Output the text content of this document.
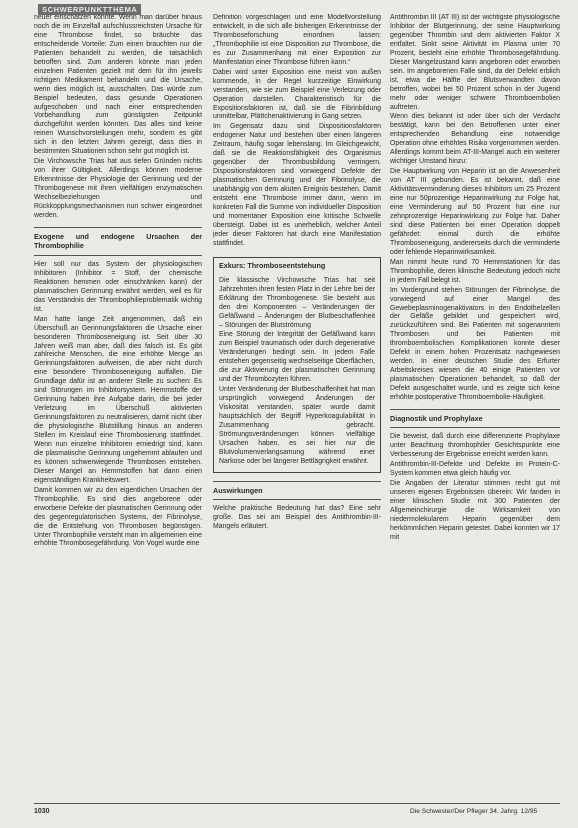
SCHWERPUNKTTHEMA

neuer einschätzen könnte. Wenn man darüber hinaus noch die im Einzelfall aufschlussreichsten Ursache für eine Thrombose findet, so bräuchte das entscheidende Vorteile: Zum einen brauchten nur die Patienten behandelt zu werden, die tatsächlich betroffen sind. Zum anderen könnte man jeden einzelnen Patienten gezielt mit dem für ihn jeweils richtigen Medikament behandeln und die Ursache, wenn dies möglich ist, ausschalten. Das würde zum Beispiel bedeuten, dass gesunde Operationen aufgeschoben und nach einer entsprechenden Vorbehandlung zum günstigsten Zeitpunkt durchgeführt werden könnten. Das alles sind keine reinen Wunschvorstellungen mehr, sondern es gibt sich in den letzten Jahren gezeigt, dass dies in bestimmten Situationen schon sehr gut möglich ist.

Die Virchowsche Trias hat aus tiefen Gründen nichts von ihrer Gültigkeit. Allerdings können moderne Erkenntnisse der Physiologie der Gerinnung und der Thrombogenese mit ihren vielfältigen enzymatischen Wechselbeziehungen und Rückkopplungsmechanismen nun schwer eingeordnet werden.

Exogene und endogene Ursachen der Thrombophilie

Hier soll nur das System der physiologischen Inhibitoren (Inhibitor = Stoff, der chemische Reaktionen hemmen oder einschränken kann) der plasmatischen Gerinnung erwähnt werden, weil es für das Verständnis der Thrombophilieproblematik wichtig ist.

Man hatte lange Zeit angenommen, daß ein Überschuß an Gerinnungsfaktoren die Ursache einer besonderen Thromboseneigung ist. Seit über 30 Jahren weiß man aber, daß dies falsch ist. Es gibt zahlreiche Menschen, die eine erhöhte Menge an Gerinnungsfaktoren aufweisen, die aber nicht durch eine besondere Thromboseneigung auffallen. Die Grundlage dafür ist an anderer Stelle zu suchen: Es sind Störungen im Inhibitorsystem. Hemmstoffe der Gerinnung haben ihre Aufgabe darin, die bei jeder Verletzung im Überschuß aktivierten Gerinnungsfaktoren zu neutralisieren, damit nicht über die physiologische Blutstillung hinaus an anderen Stellen im Kreislauf eine Thrombosierung stattfindet. Wenn nun einzelne Inhibitoren erniedrigt sind, kann die plasmatische Gerinnung ungehemmt ablaufen und es können schwerwiegende Thrombosen entstehen. Dieser Mangel an Hemmstoffen hat dann einen eigenständigen Krankheitswert.

Damit kommen wir zu den eigentlichen Ursachen der Thrombophilie. Es sind dies angeborene oder erworbene Defekte der plasmatischen Gerinnung oder des gegenregulatorischen Systems, der Fibrinolyse, die die Entstehung von Thrombosen begünstigen. Unter Thrombophilie versteht man im allgemeinen eine erhöhte Thrombosegefährdung. Von Vogel wurde eine

Definition vorgeschlagen und eine Modellvorstellung entwickelt, in die sich alle bisherigen Erkenntnisse der Thromboseforschung einordnen lassen: „Thrombophilie ist eine Disposition zur Thrombose, die es zur Zusammenhang mit einer Exposition zur Manifestation einer Thrombose führen kann.“

Dabei wird unter Exposition eine meist von außen kommende, in der Regel kurzzeitige Einwirkung verstanden, wie sie zum Beispiel eine Verletzung oder Operation darstellen. Charakteristisch für die Expositionsfaktoren ist, daß sie die Fibrinbildung unmittelbar, Plättchenaktivierung in Gang setzen.

Im Gegensatz dazu sind Dispositionsfaktoren endogener Natur und bestehen über einen längeren Zeitraum, häufig sogar lebenslang. Im Gleichgewicht, daß sie die Reaktionsfähigkeit des Organismus gegenüber der Thrombusbildung verringern. Dispositionsfaktoren sind vorwiegend Defekte der plasmatischen Gerinnung und der Fibrinolyse, die unabhängig von dem akuten Ereignis bestehen. Damit entsteht eine Thrombose immer dann, wenn im konkreten Fall die Summe von individueller Disposition und momentaner Exposition eine kritische Schwelle übersteigt. Dabei ist es unerheblich, welcher Anteil jeder dieser Faktoren hat durch eine Manifestation stattfindet.

Exkurs: Thromboseentstehung

Die klassische Virchowsche Trias hat seit Jahrzehnten ihren festen Platz in der Lehre bei der Erklärung der Thrombogenese. Sie besteht aus den drei Komponenten – Veränderungen der Gefäßwand – Änderungen der Blutbeschaffenheit – Störungen der Blutströmung

Eine Störung der Integrität der Gefäßwand kann zum Beispiel traumatisch oder durch degenerative Veränderungen bedingt sein. In jedem Falle entstehen gegenseitig wechselseitige Oberflächen, die zur Aktivierung der plasmatischen Gerinnung und der Thrombozyten führen.

Unter Veränderung der Blutbeschaffenheit hat man ursprünglich vorwiegend Änderungen der Viskosität verstanden, später wurde damit hauptsächlich der Begriff Hyperkoagulabilität in Zusammenhang gebracht. Strömungsveränderungen können vielfältige Ursachen haben, es sei hier nur die Blutvolumenverlangsamung während einer Narkose oder bei längerer Bettlägrigkeit erwähnt.

Auswirkungen

Welche praktische Bedeutung hat das? Eine sehr große. Das sei am Beispiel des Antithrombin-III-Mangels erläutert.

Antithrombin III (AT III) ist der wichtigste physiologische Inhibitor der Blutgerinnung, der seine Hauptwirkung gegenüber Thrombin und dem aktivierten Faktor X entfaltet. Sinkt seine Aktivität im Plasma unter 70 Prozent, besteht eine erhöhte Thrombosegefährdung. Dieser Mangelzustand kann angeboren oder erworben sein. Im angeborenen Falle sind, da der Defekt erblich ist, etwa die Hälfte der Blutsverwandten davon betroffen, wobei bei 50 Prozent schon in der Jugend mehr oder weniger schwere Thromboembolien auftreten.

Wenn dies bekannt ist oder über sich der Verdacht bestätigt, kann bei den Betroffenen unter einer entsprechenden Behandlung eine notwendige Operation ohne erhöhtes Risiko vorgenommen werden. Allerdings kommt beim AT-III-Mangel auch ein weiterer wichtiger Umstand hinzu:

Die Hauptwirkung von Heparin ist an die Anwesenheit von AT III gebunden. Es ist bekannt, daß eine Aktivitätsverminderung dieses Inhibitors um 25 Prozent eine nur 50prozentige Heparinwirkung zur Folge hat, eine Verminderung auf 50 Prozent hat eine nur zehnprozentige Heparinwirkung zur Folge hat. Daher sind diese Patienten bei einer Operation doppelt gefährdet: einmal durch die erhöhte Thromboseneigung, andererseits durch die verminderte oder fehlende Heparinwirksamkeit.

Man nimmt heute rund 70 Hemmstationen für das Thrombophilie, deren klinische Bedeutung jedoch nicht in jedem Fall belegt ist.

Im Vordergrund stehen Störungen der Fibrinolyse, die vorwiegend auf einer Mangel des Gewebeplasminogenaktivators in den Endothelzellen der Gefäße gebildet und gespeichert wird, zurückzuführen sind. Bei Patienten mit sogenanntem Thrombosen und bei Patienten mit thromboembolischen Komplikationen konnte dieser Defekt in einem hohen Prozentsatz nachgewiesen werden. In einer deutschen Studie des Erfurter Arbeitskreises wiesen die 40 einige Patienten vor plasmatischen Operationen behandelt, so daß der Defekt ausgeschaltet wurde, und es zeigte sich keine erhöhte postoperative Thromboembolie-Häufigkeit.

Diagnostik und Prophylaxe

Die beweist, daß durch eine differenzierte Prophylaxe unter Beachtung thrombophiler Gesichtspunkte eine Verbesserung der Ergebnisse erreicht werden kann.

Antithrombin-III-Defekte und Defekte im Protein-C-System kommen etwa gleich häufig vor.

Die Angaben der Literatur stimmen recht gut mit unseren eigenen Ergebnissen überein: Wir fanden in einer klinischen Studie mit 300 Patienten der Allgemeinchirurgie die Wirksamkeit von niedermolekularem Heparin gegenüber dem herkömmlichen Heparin getestet. Dabei konnten wir 17 mit

1030	Die Schwester/Der Pfleger 34. Jahrg. 12/95
